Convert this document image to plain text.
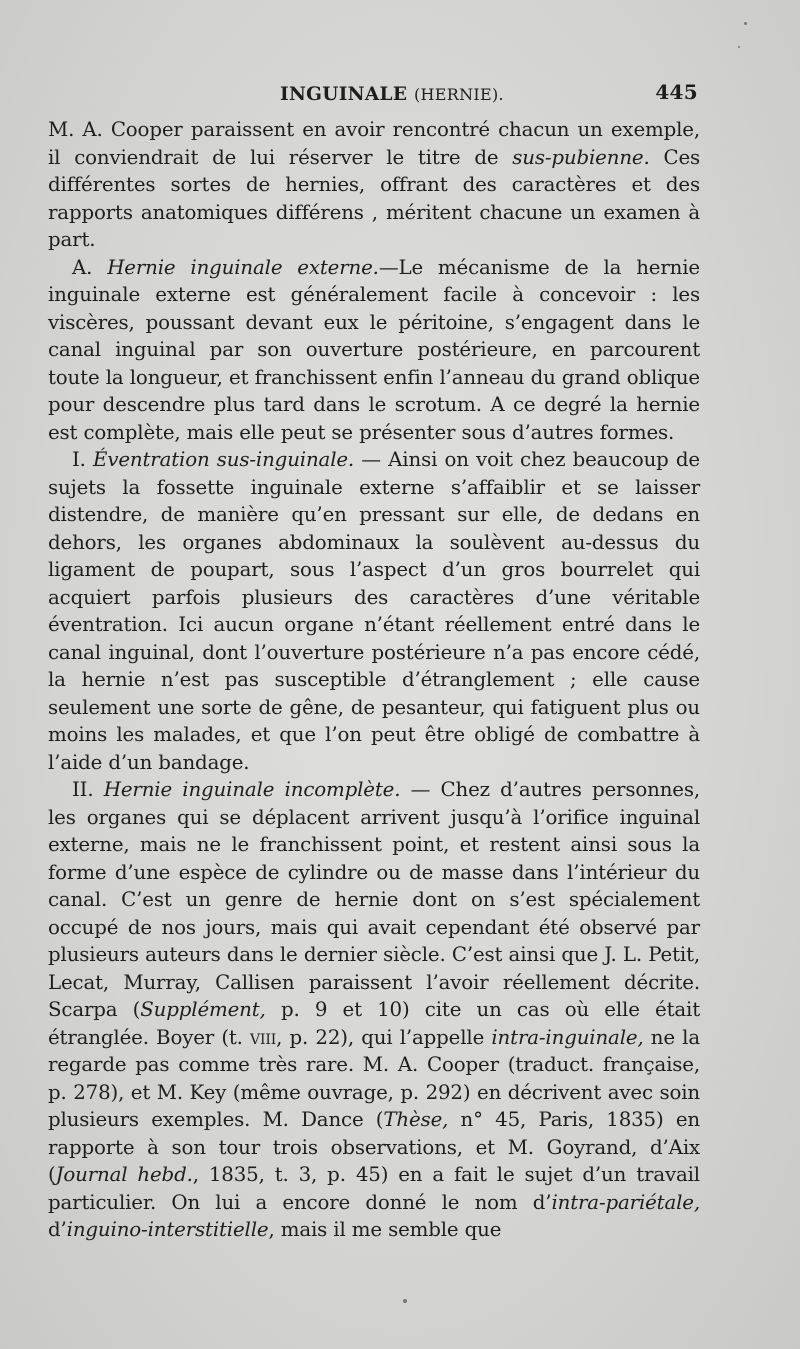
INGUINALE (HERNIE).	445

M. A. Cooper paraissent en avoir rencontré chacun un exemple, il conviendrait de lui réserver le titre de sus-pubienne. Ces différentes sortes de hernies, offrant des caractères et des rapports anatomiques différens , méritent chacune un examen à part.

A. Hernie inguinale externe.—Le mécanisme de la hernie inguinale externe est généralement facile à concevoir : les viscères, poussant devant eux le péritoine, s’engagent dans le canal inguinal par son ouverture postérieure, en parcourent toute la longueur, et franchissent enfin l’anneau du grand oblique pour descendre plus tard dans le scrotum. A ce degré la hernie est complète, mais elle peut se présenter sous d’autres formes.

I. Éventration sus-inguinale. — Ainsi on voit chez beaucoup de sujets la fossette inguinale externe s’affaiblir et se laisser distendre, de manière qu’en pressant sur elle, de dedans en dehors, les organes abdominaux la soulèvent au-dessus du ligament de poupart, sous l’aspect d’un gros bourrelet qui acquiert parfois plusieurs des caractères d’une véritable éventration. Ici aucun organe n’étant réellement entré dans le canal inguinal, dont l’ouverture postérieure n’a pas encore cédé, la hernie n’est pas susceptible d’étranglement ; elle cause seulement une sorte de gêne, de pesanteur, qui fatiguent plus ou moins les malades, et que l’on peut être obligé de combattre à l’aide d’un bandage.

II. Hernie inguinale incomplète. — Chez d’autres personnes, les organes qui se déplacent arrivent jusqu’à l’orifice inguinal externe, mais ne le franchissent point, et restent ainsi sous la forme d’une espèce de cylindre ou de masse dans l’intérieur du canal. C’est un genre de hernie dont on s’est spécialement occupé de nos jours, mais qui avait cependant été observé par plusieurs auteurs dans le dernier siècle. C’est ainsi que J. L. Petit, Lecat, Murray, Callisen paraissent l’avoir réellement décrite. Scarpa (Supplément, p. 9 et 10) cite un cas où elle était étranglée. Boyer (t. viii, p. 22), qui l’appelle intra-inguinale, ne la regarde pas comme très rare. M. A. Cooper (traduct. française, p. 278), et M. Key (même ouvrage, p. 292) en décrivent avec soin plusieurs exemples. M. Dance (Thèse, n° 45, Paris, 1835) en rapporte à son tour trois observations, et M. Goyrand, d’Aix (Journal hebd., 1835, t. 3, p. 45) en a fait le sujet d’un travail particulier. On lui a encore donné le nom d’intra-pariétale, d’inguino-interstitielle, mais il me semble que
